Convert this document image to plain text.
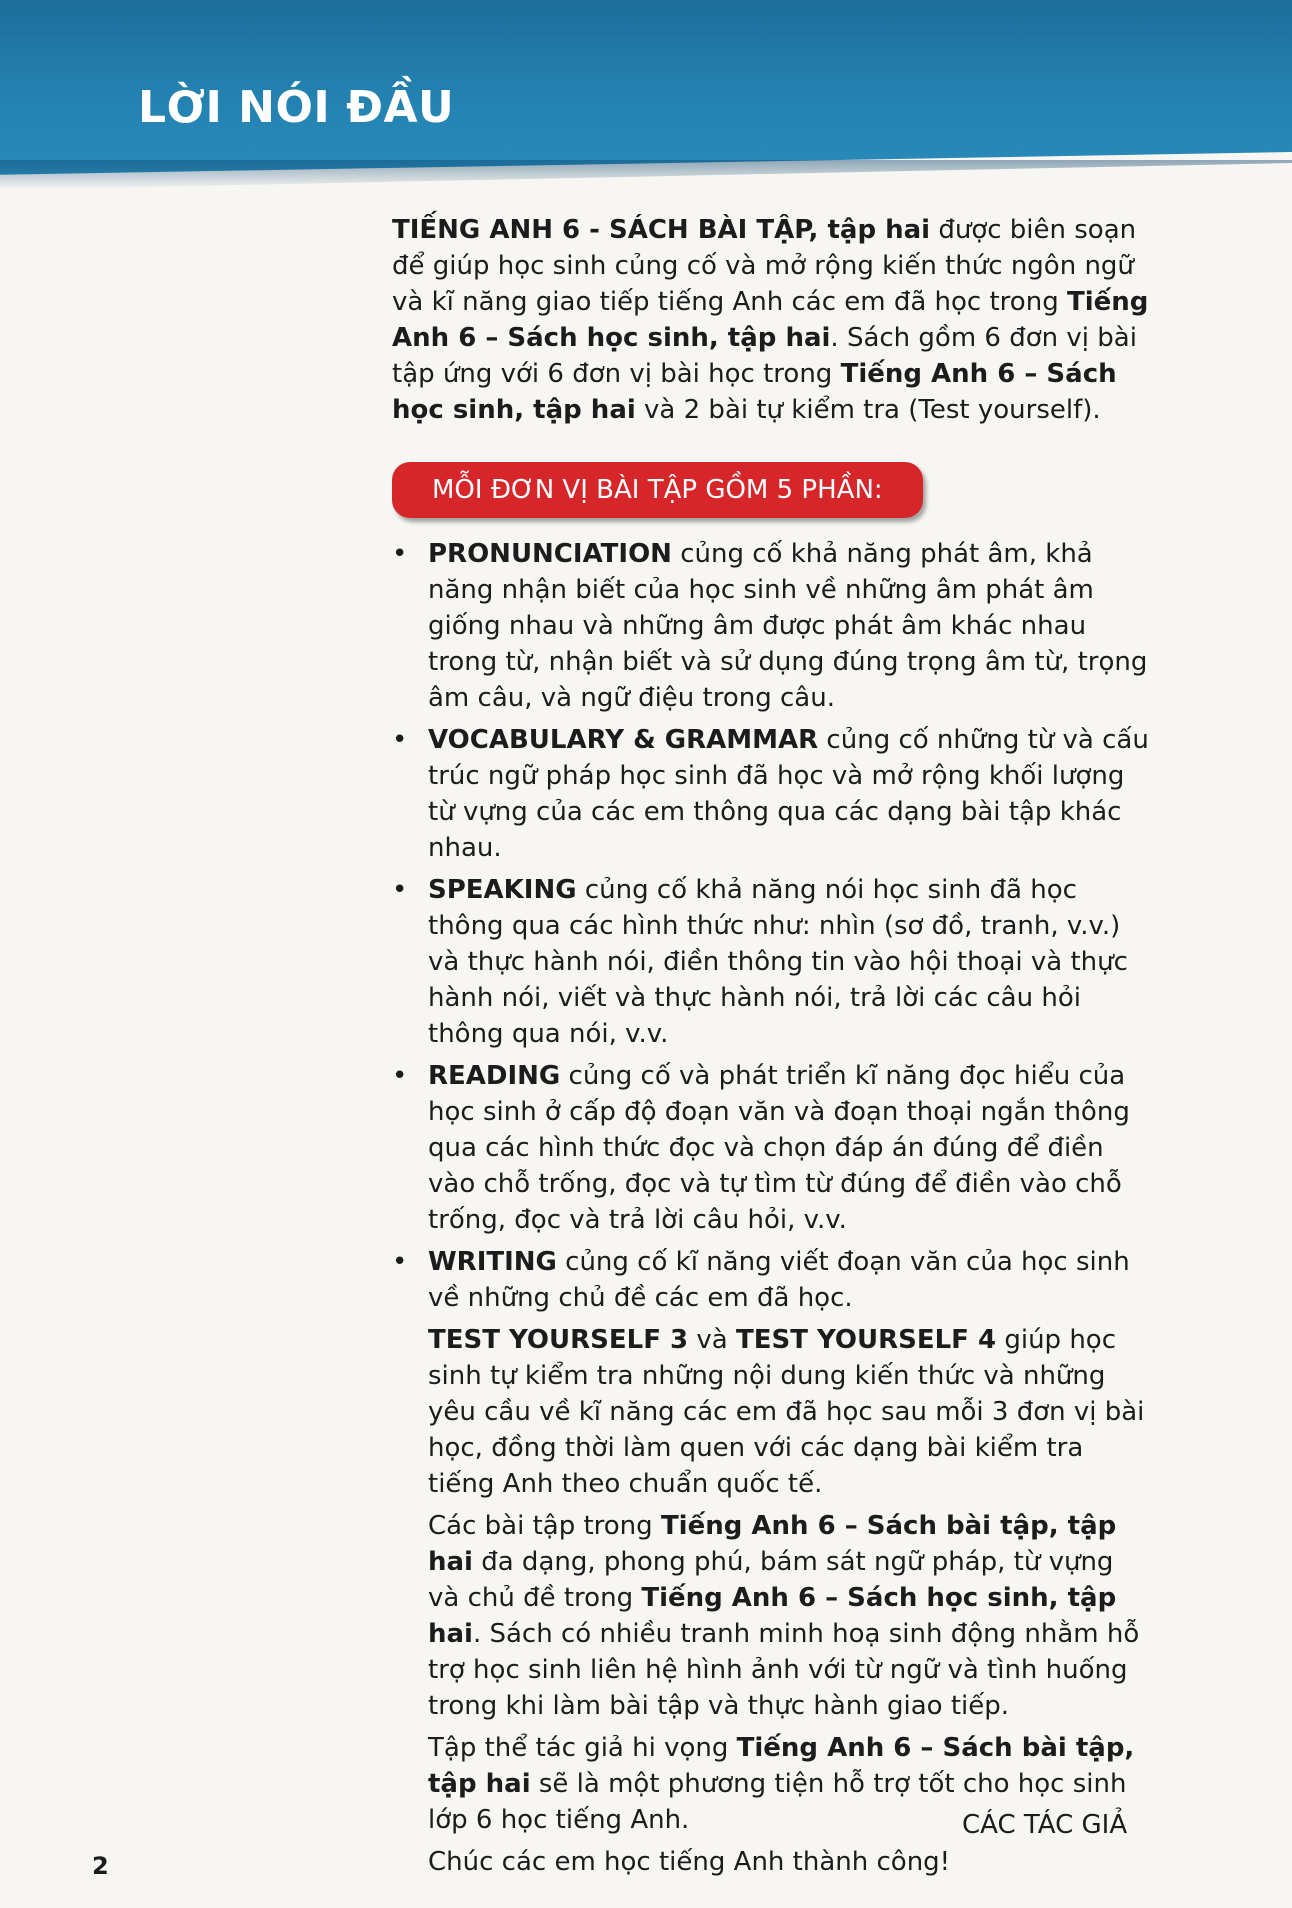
LỜI NÓI ĐẦU

TIẾNG ANH 6 - SÁCH BÀI TẬP, tập hai được biên soạn để giúp học sinh củng cố và mở rộng kiến thức ngôn ngữ và kĩ năng giao tiếp tiếng Anh các em đã học trong Tiếng Anh 6 – Sách học sinh, tập hai. Sách gồm 6 đơn vị bài tập ứng với 6 đơn vị bài học trong Tiếng Anh 6 – Sách học sinh, tập hai và 2 bài tự kiểm tra (Test yourself).

MỖI ĐƠN VỊ BÀI TẬP GỒM 5 PHẦN:
• PRONUNCIATION củng cố khả năng phát âm, khả năng nhận biết của học sinh về những âm phát âm giống nhau và những âm được phát âm khác nhau trong từ, nhận biết và sử dụng đúng trọng âm từ, trọng âm câu, và ngữ điệu trong câu.
• VOCABULARY & GRAMMAR củng cố những từ và cấu trúc ngữ pháp học sinh đã học và mở rộng khối lượng từ vựng của các em thông qua các dạng bài tập khác nhau.
• SPEAKING củng cố khả năng nói học sinh đã học thông qua các hình thức như: nhìn (sơ đồ, tranh, v.v.) và thực hành nói, điền thông tin vào hội thoại và thực hành nói, viết và thực hành nói, trả lời các câu hỏi thông qua nói, v.v.
• READING củng cố và phát triển kĩ năng đọc hiểu của học sinh ở cấp độ đoạn văn và đoạn thoại ngắn thông qua các hình thức đọc và chọn đáp án đúng để điền vào chỗ trống, đọc và tự tìm từ đúng để điền vào chỗ trống, đọc và trả lời câu hỏi, v.v.
• WRITING củng cố kĩ năng viết đoạn văn của học sinh về những chủ đề các em đã học.

TEST YOURSELF 3 và TEST YOURSELF 4 giúp học sinh tự kiểm tra những nội dung kiến thức và những yêu cầu về kĩ năng các em đã học sau mỗi 3 đơn vị bài học, đồng thời làm quen với các dạng bài kiểm tra tiếng Anh theo chuẩn quốc tế.

Các bài tập trong Tiếng Anh 6 – Sách bài tập, tập hai đa dạng, phong phú, bám sát ngữ pháp, từ vựng và chủ đề trong Tiếng Anh 6 – Sách học sinh, tập hai. Sách có nhiều tranh minh hoạ sinh động nhằm hỗ trợ học sinh liên hệ hình ảnh với từ ngữ và tình huống trong khi làm bài tập và thực hành giao tiếp.

Tập thể tác giả hi vọng Tiếng Anh 6 – Sách bài tập, tập hai sẽ là một phương tiện hỗ trợ tốt cho học sinh lớp 6 học tiếng Anh.

Chúc các em học tiếng Anh thành công!

CÁC TÁC GIẢ
2
